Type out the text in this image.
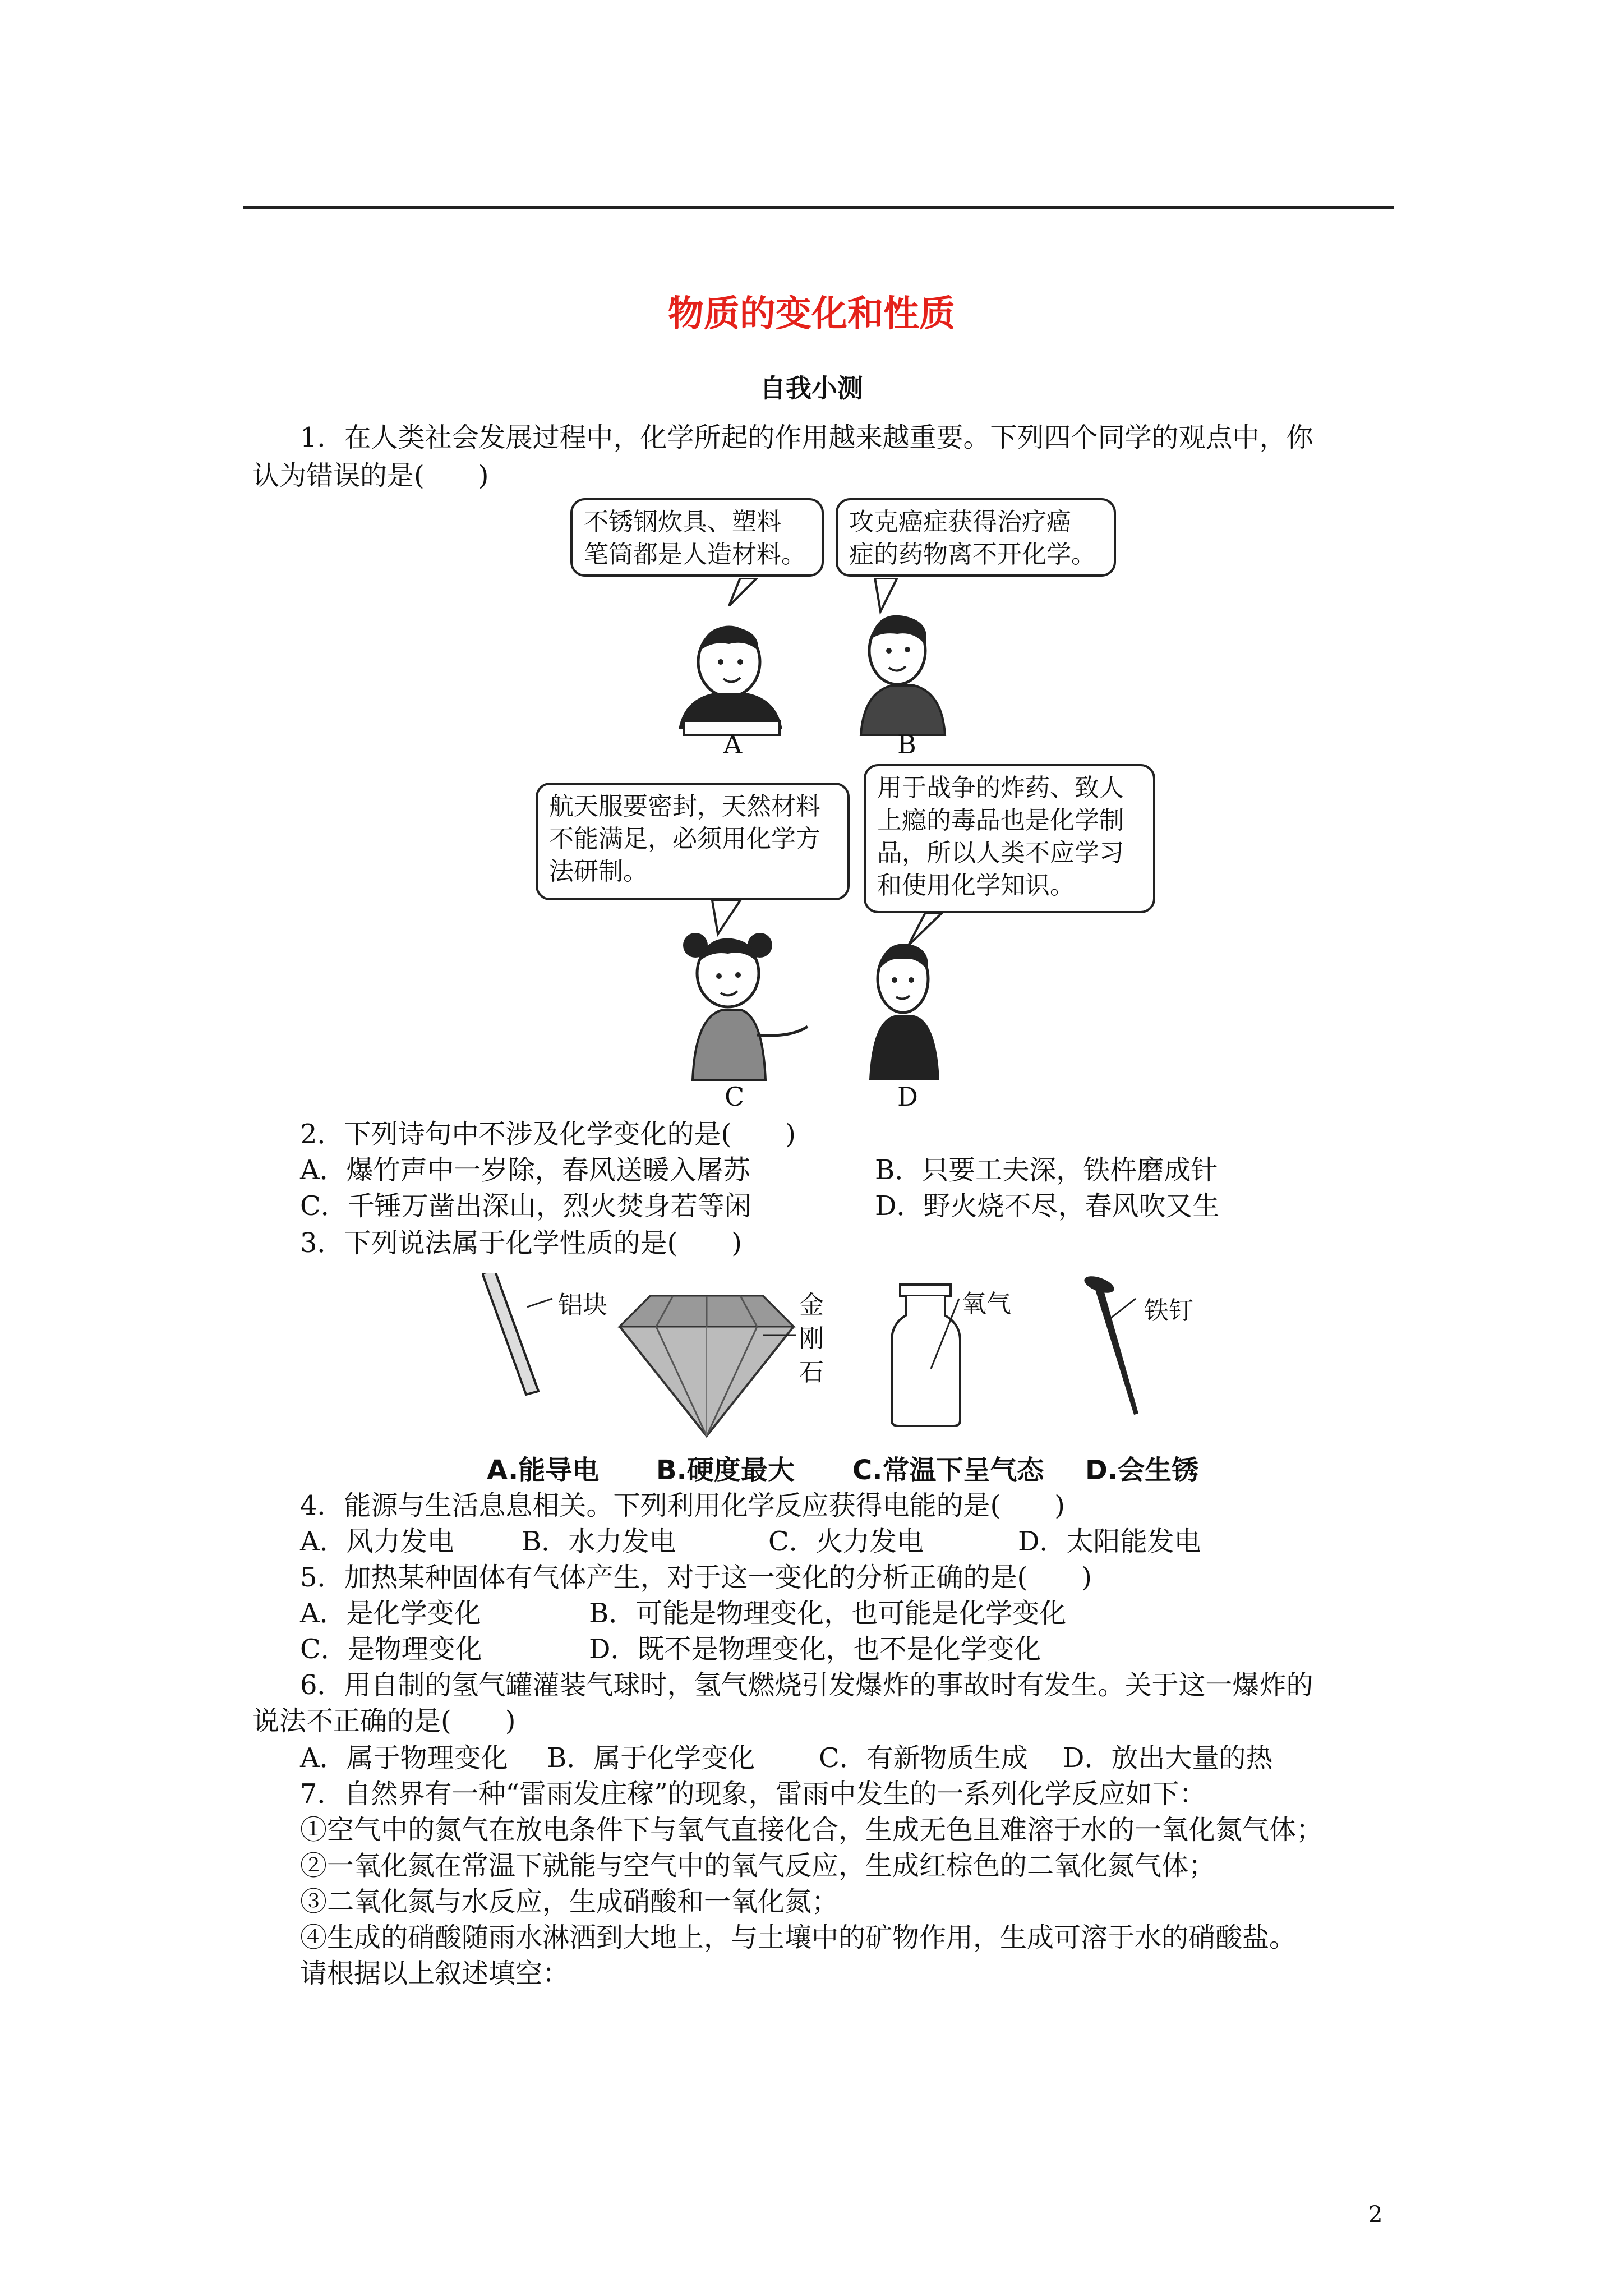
物质的变化和性质
自我小测
1．在人类社会发展过程中，化学所起的作用越来越重要。下列四个同学的观点中，你
认为错误的是(　　)
不锈钢炊具、塑料
笔筒都是人造材料。
攻克癌症获得治疗癌
症的药物离不开化学。
航天服要密封，天然材料
不能满足，必须用化学方
法研制。
用于战争的炸药、致人
上瘾的毒品也是化学制
品，所以人类不应学习
和使用化学知识。
A	B
C	D
2．下列诗句中不涉及化学变化的是(　　)
A．爆竹声中一岁除，春风送暖入屠苏	B．只要工夫深，铁杵磨成针
C．千锤万凿出深山，烈火焚身若等闲	D．野火烧不尽，春风吹又生
3．下列说法属于化学性质的是(　　)
铝块	金
刚
石
氧气	铁钉
A.能导电 B.硬度最大 C.常温下呈气态 D.会生锈
4．能源与生活息息相关。下列利用化学反应获得电能的是(　　)
A．风力发电	B．水力发电	C．火力发电	D．太阳能发电
5．加热某种固体有气体产生，对于这一变化的分析正确的是(　　)
A．是化学变化	B．可能是物理变化，也可能是化学变化
C．是物理变化	D．既不是物理变化，也不是化学变化
6．用自制的氢气罐灌装气球时，氢气燃烧引发爆炸的事故时有发生。关于这一爆炸的
说法不正确的是(　　)
A．属于物理变化 B．属于化学变化 C．有新物质生成 D．放出大量的热
7．自然界有一种“雷雨发庄稼”的现象，雷雨中发生的一系列化学反应如下：
①空气中的氮气在放电条件下与氧气直接化合，生成无色且难溶于水的一氧化氮气体；
②一氧化氮在常温下就能与空气中的氧气反应，生成红棕色的二氧化氮气体；
③二氧化氮与水反应，生成硝酸和一氧化氮；
④生成的硝酸随雨水淋洒到大地上，与土壤中的矿物作用，生成可溶于水的硝酸盐。
请根据以上叙述填空：
2
